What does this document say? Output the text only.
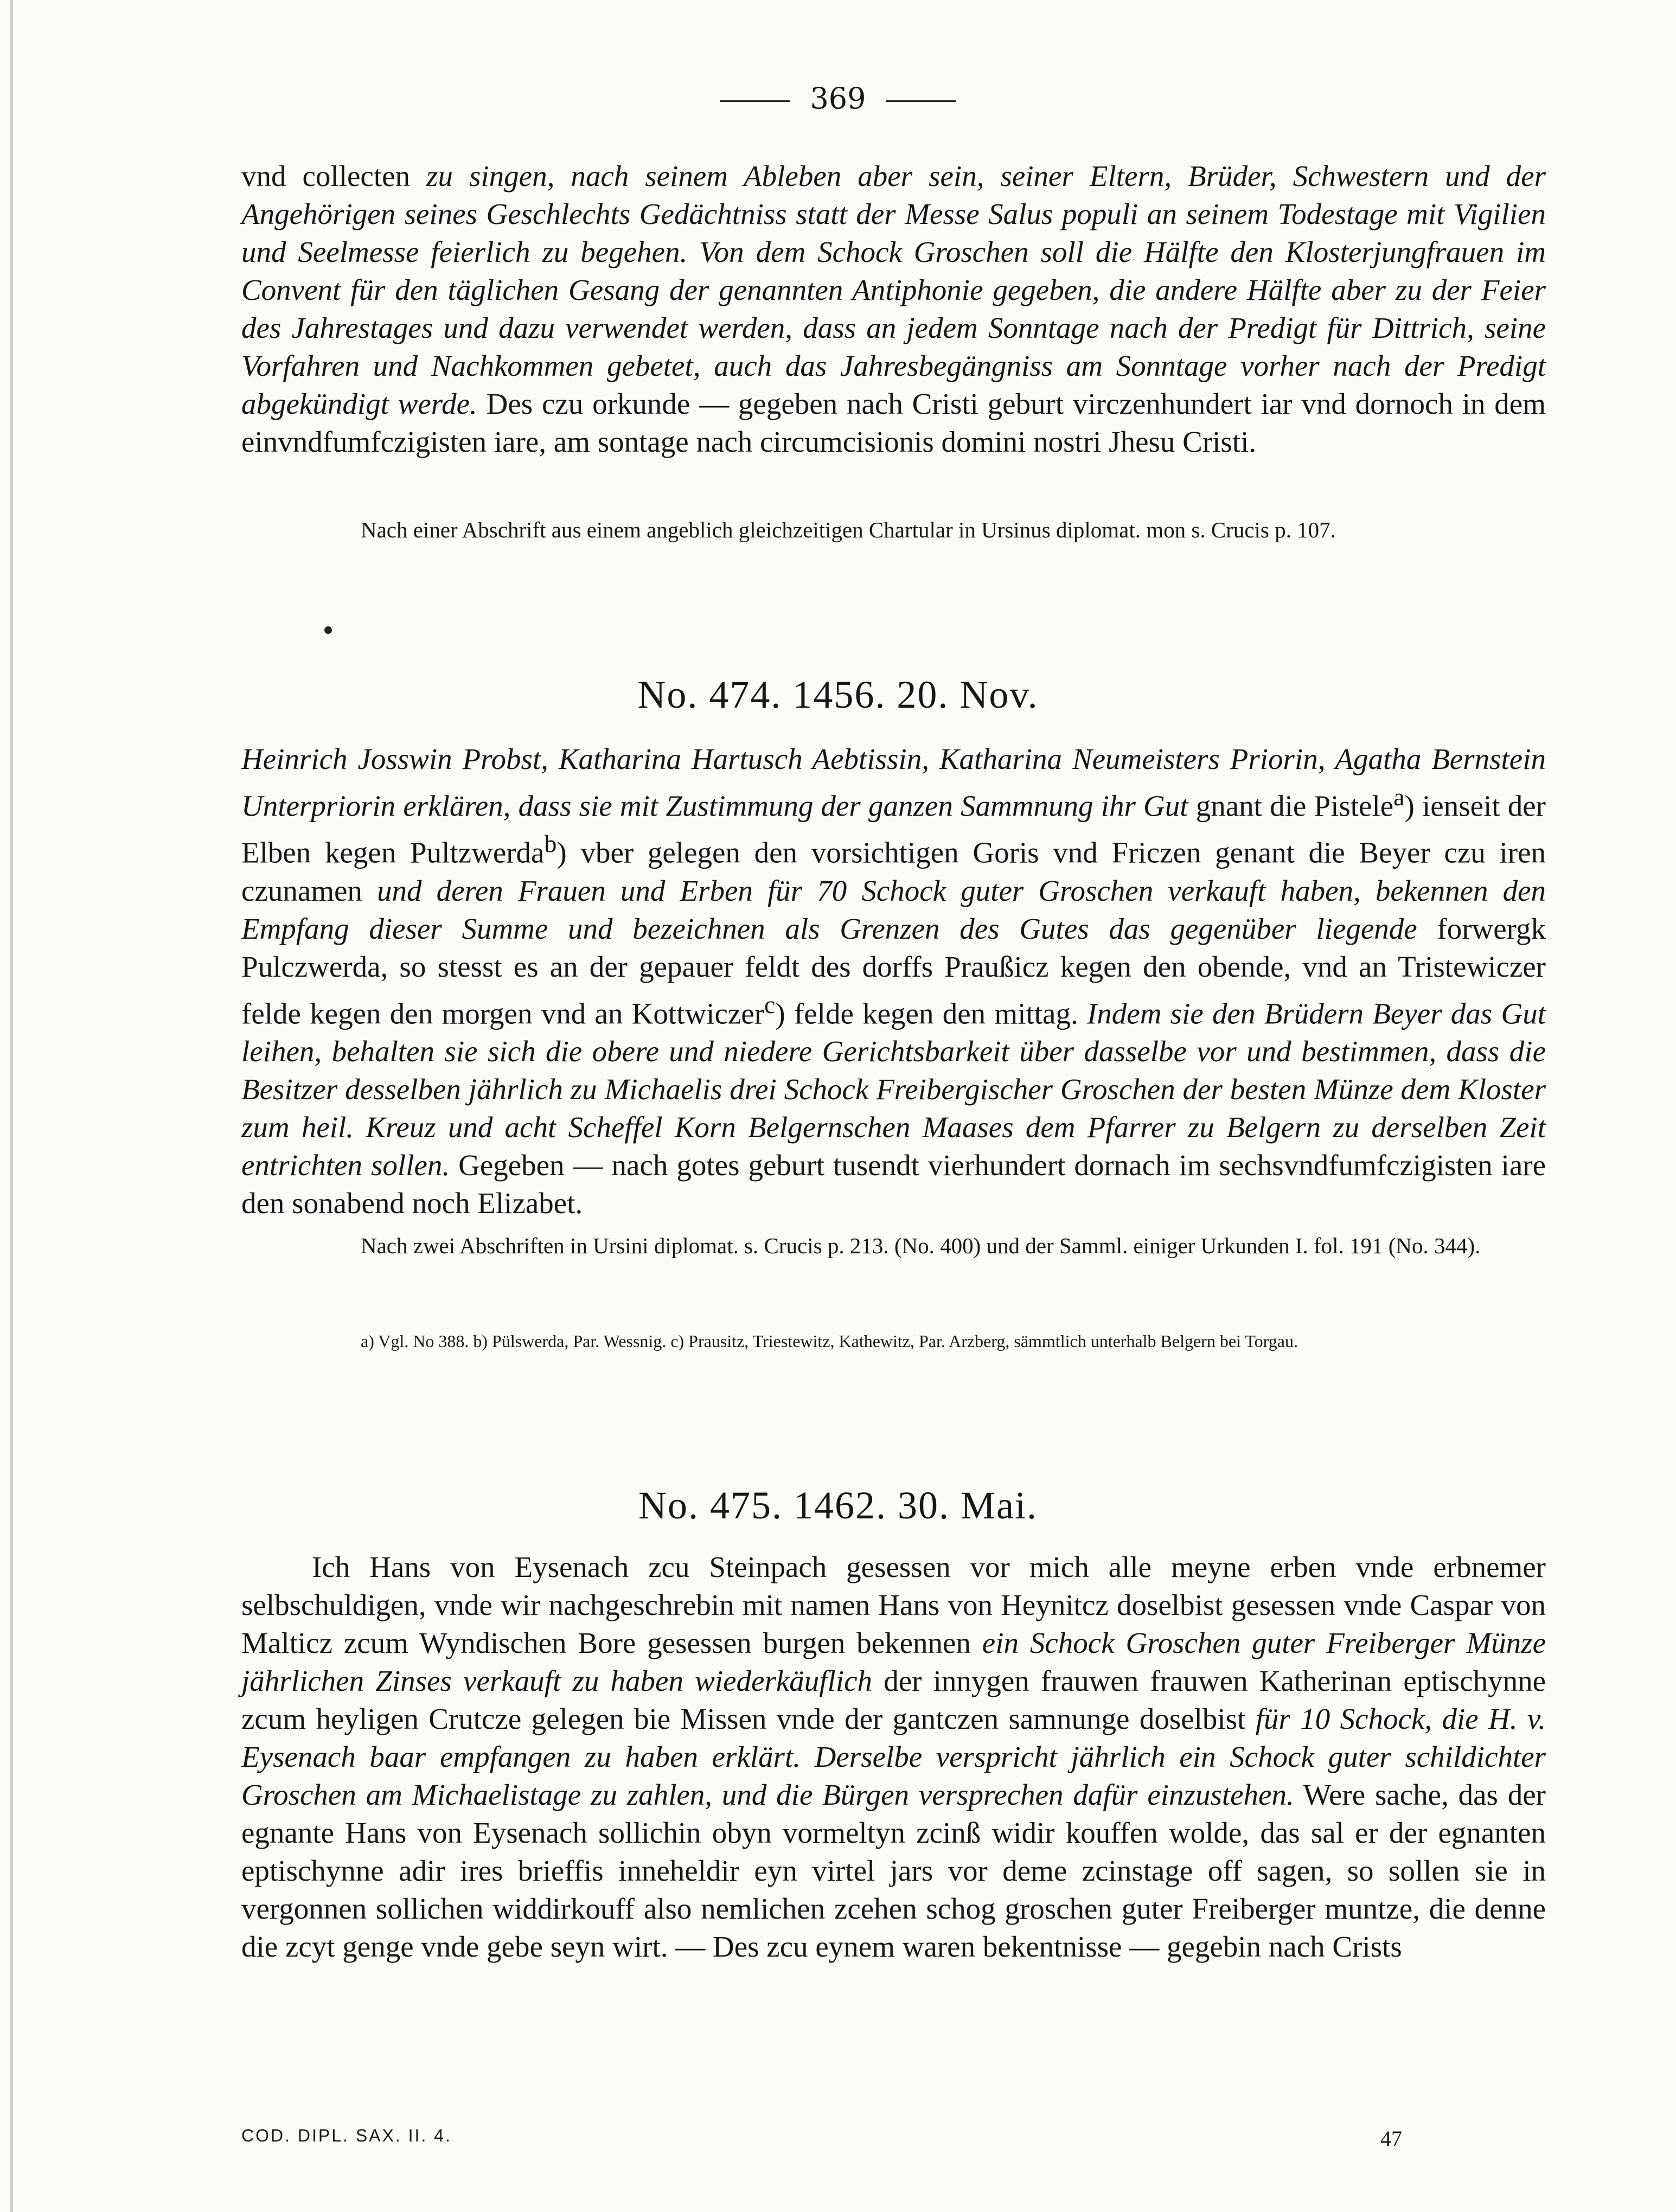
369

vnd collecten zu singen, nach seinem Ableben aber sein, seiner Eltern, Brüder, Schwestern und der Angehörigen seines Geschlechts Gedächtniss statt der Messe Salus populi an seinem Todestage mit Vigilien und Seelmesse feierlich zu begehen. Von dem Schock Groschen soll die Hälfte den Klosterjungfrauen im Convent für den täglichen Gesang der genannten Antiphonie gegeben, die andere Hälfte aber zu der Feier des Jahrestages und dazu verwendet werden, dass an jedem Sonntage nach der Predigt für Dittrich, seine Vorfahren und Nachkommen gebetet, auch das Jahresbegängniss am Sonntage vorher nach der Predigt abgekündigt werde. Des czu orkunde — gegeben nach Cristi geburt virczenhundert iar vnd dornoch in dem einvndfumfczigisten iare, am sontage nach circumcisionis domini nostri Jhesu Cristi.

Nach einer Abschrift aus einem angeblich gleichzeitigen Chartular in Ursinus diplomat. mon s. Crucis p. 107.

No. 474. 1456. 20. Nov.

Heinrich Josswin Probst, Katharina Hartusch Aebtissin, Katharina Neumeisters Priorin, Agatha Bernstein Unterpriorin erklären, dass sie mit Zustimmung der ganzen Sammnung ihr Gut gnant die Pistele$^a$) ienseit der Elben kegen Pultzwerda$^b$) vber gelegen den vorsichtigen Goris vnd Friczen genant die Beyer czu iren czunamen und deren Frauen und Erben für 70 Schock guter Groschen verkauft haben, bekennen den Empfang dieser Summe und bezeichnen als Grenzen des Gutes das gegenüber liegende forwergk Pulczwerda, so stesst es an der gepauer feldt des dorffs Praußicz kegen den obende, vnd an Tristewiczer felde kegen den morgen vnd an Kottwiczer$^c$) felde kegen den mittag. Indem sie den Brüdern Beyer das Gut leihen, behalten sie sich die obere und niedere Gerichtsbarkeit über dasselbe vor und bestimmen, dass die Besitzer desselben jährlich zu Michaelis drei Schock Freibergischer Groschen der besten Münze dem Kloster zum heil. Kreuz und acht Scheffel Korn Belgernschen Maases dem Pfarrer zu Belgern zu derselben Zeit entrichten sollen. Gegeben — nach gotes geburt tusendt vierhundert dornach im sechsvndfumfczigisten iare den sonabend noch Elizabet.

Nach zwei Abschriften in Ursini diplomat. s. Crucis p. 213. (No. 400) und der Samml. einiger Urkunden I. fol. 191 (No. 344).

a) Vgl. No 388. b) Pülswerda, Par. Wessnig. c) Prausitz, Triestewitz, Kathewitz, Par. Arzberg, sämmtlich unterhalb Belgern bei Torgau.

No. 475. 1462. 30. Mai.

Ich Hans von Eysenach zcu Steinpach gesessen vor mich alle meyne erben vnde erbnemer selbschuldigen, vnde wir nachgeschrebin mit namen Hans von Heynitcz doselbist gesessen vnde Caspar von Malticz zcum Wyndischen Bore gesessen burgen bekennen ein Schock Groschen guter Freiberger Münze jährlichen Zinses verkauft zu haben wiederkäuflich der innygen frauwen frauwen Katherinan eptischynne zcum heyligen Crutcze gelegen bie Missen vnde der gantczen samnunge doselbist für 10 Schock, die H. v. Eysenach baar empfangen zu haben erklärt. Derselbe verspricht jährlich ein Schock guter schildichter Groschen am Michaelistage zu zahlen, und die Bürgen versprechen dafür einzustehen. Were sache, das der egnante Hans von Eysenach sollichin obyn vormeltyn zcinß widir kouffen wolde, das sal er der egnanten eptischynne adir ires brieffis inneheldir eyn virtel jars vor deme zcinstage off sagen, so sollen sie in vergonnen sollichen widdirkouff also nemlichen zcehen schog groschen guter Freiberger muntze, die denne die zcyt genge vnde gebe seyn wirt. — Des zcu eynem waren bekentnisse — gegebin nach Crists

COD. DIPL. SAX. II. 4.	47
